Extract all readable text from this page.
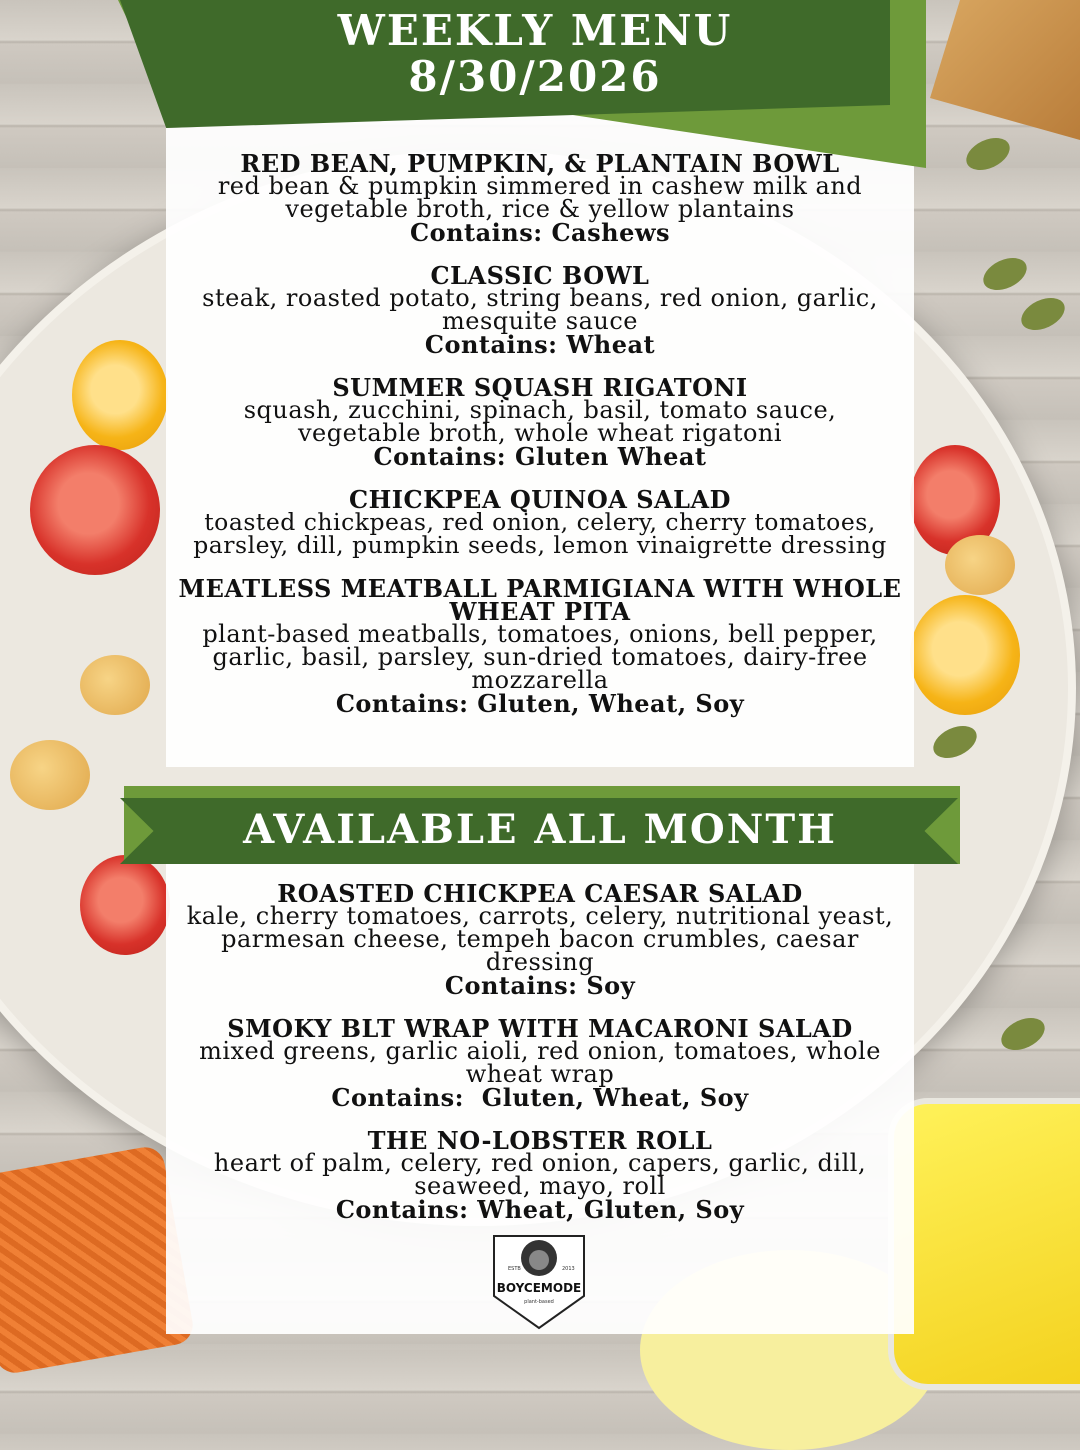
WEEKLY MENU
8/30/2026
RED BEAN, PUMPKIN, & PLANTAIN BOWL
red bean & pumpkin simmered in cashew milk and vegetable broth, rice & yellow plantains
Contains: Cashews
CLASSIC BOWL
steak, roasted potato, string beans, red onion, garlic, mesquite sauce
Contains: Wheat
SUMMER SQUASH RIGATONI
squash, zucchini, spinach, basil, tomato sauce, vegetable broth, whole wheat rigatoni
Contains: Gluten Wheat
CHICKPEA QUINOA SALAD
toasted chickpeas, red onion, celery, cherry tomatoes, parsley, dill, pumpkin seeds, lemon vinaigrette dressing
MEATLESS MEATBALL PARMIGIANA WITH WHOLE WHEAT PITA
plant-based meatballs, tomatoes, onions, bell pepper, garlic, basil, parsley, sun-dried tomatoes, dairy-free mozzarella
Contains: Gluten, Wheat, Soy
AVAILABLE ALL MONTH
ROASTED CHICKPEA CAESAR SALAD
kale, cherry tomatoes, carrots, celery, nutritional yeast, parmesan cheese, tempeh bacon crumbles, caesar dressing
Contains: Soy
SMOKY BLT WRAP WITH MACARONI SALAD
mixed greens, garlic aioli, red onion, tomatoes, whole wheat wrap
Contains:  Gluten, Wheat, Soy
THE NO-LOBSTER ROLL
heart of palm, celery, red onion, capers, garlic, dill, seaweed, mayo, roll
Contains: Wheat, Gluten, Soy
ESTB	2013
BOYCEMODE
plant-based
